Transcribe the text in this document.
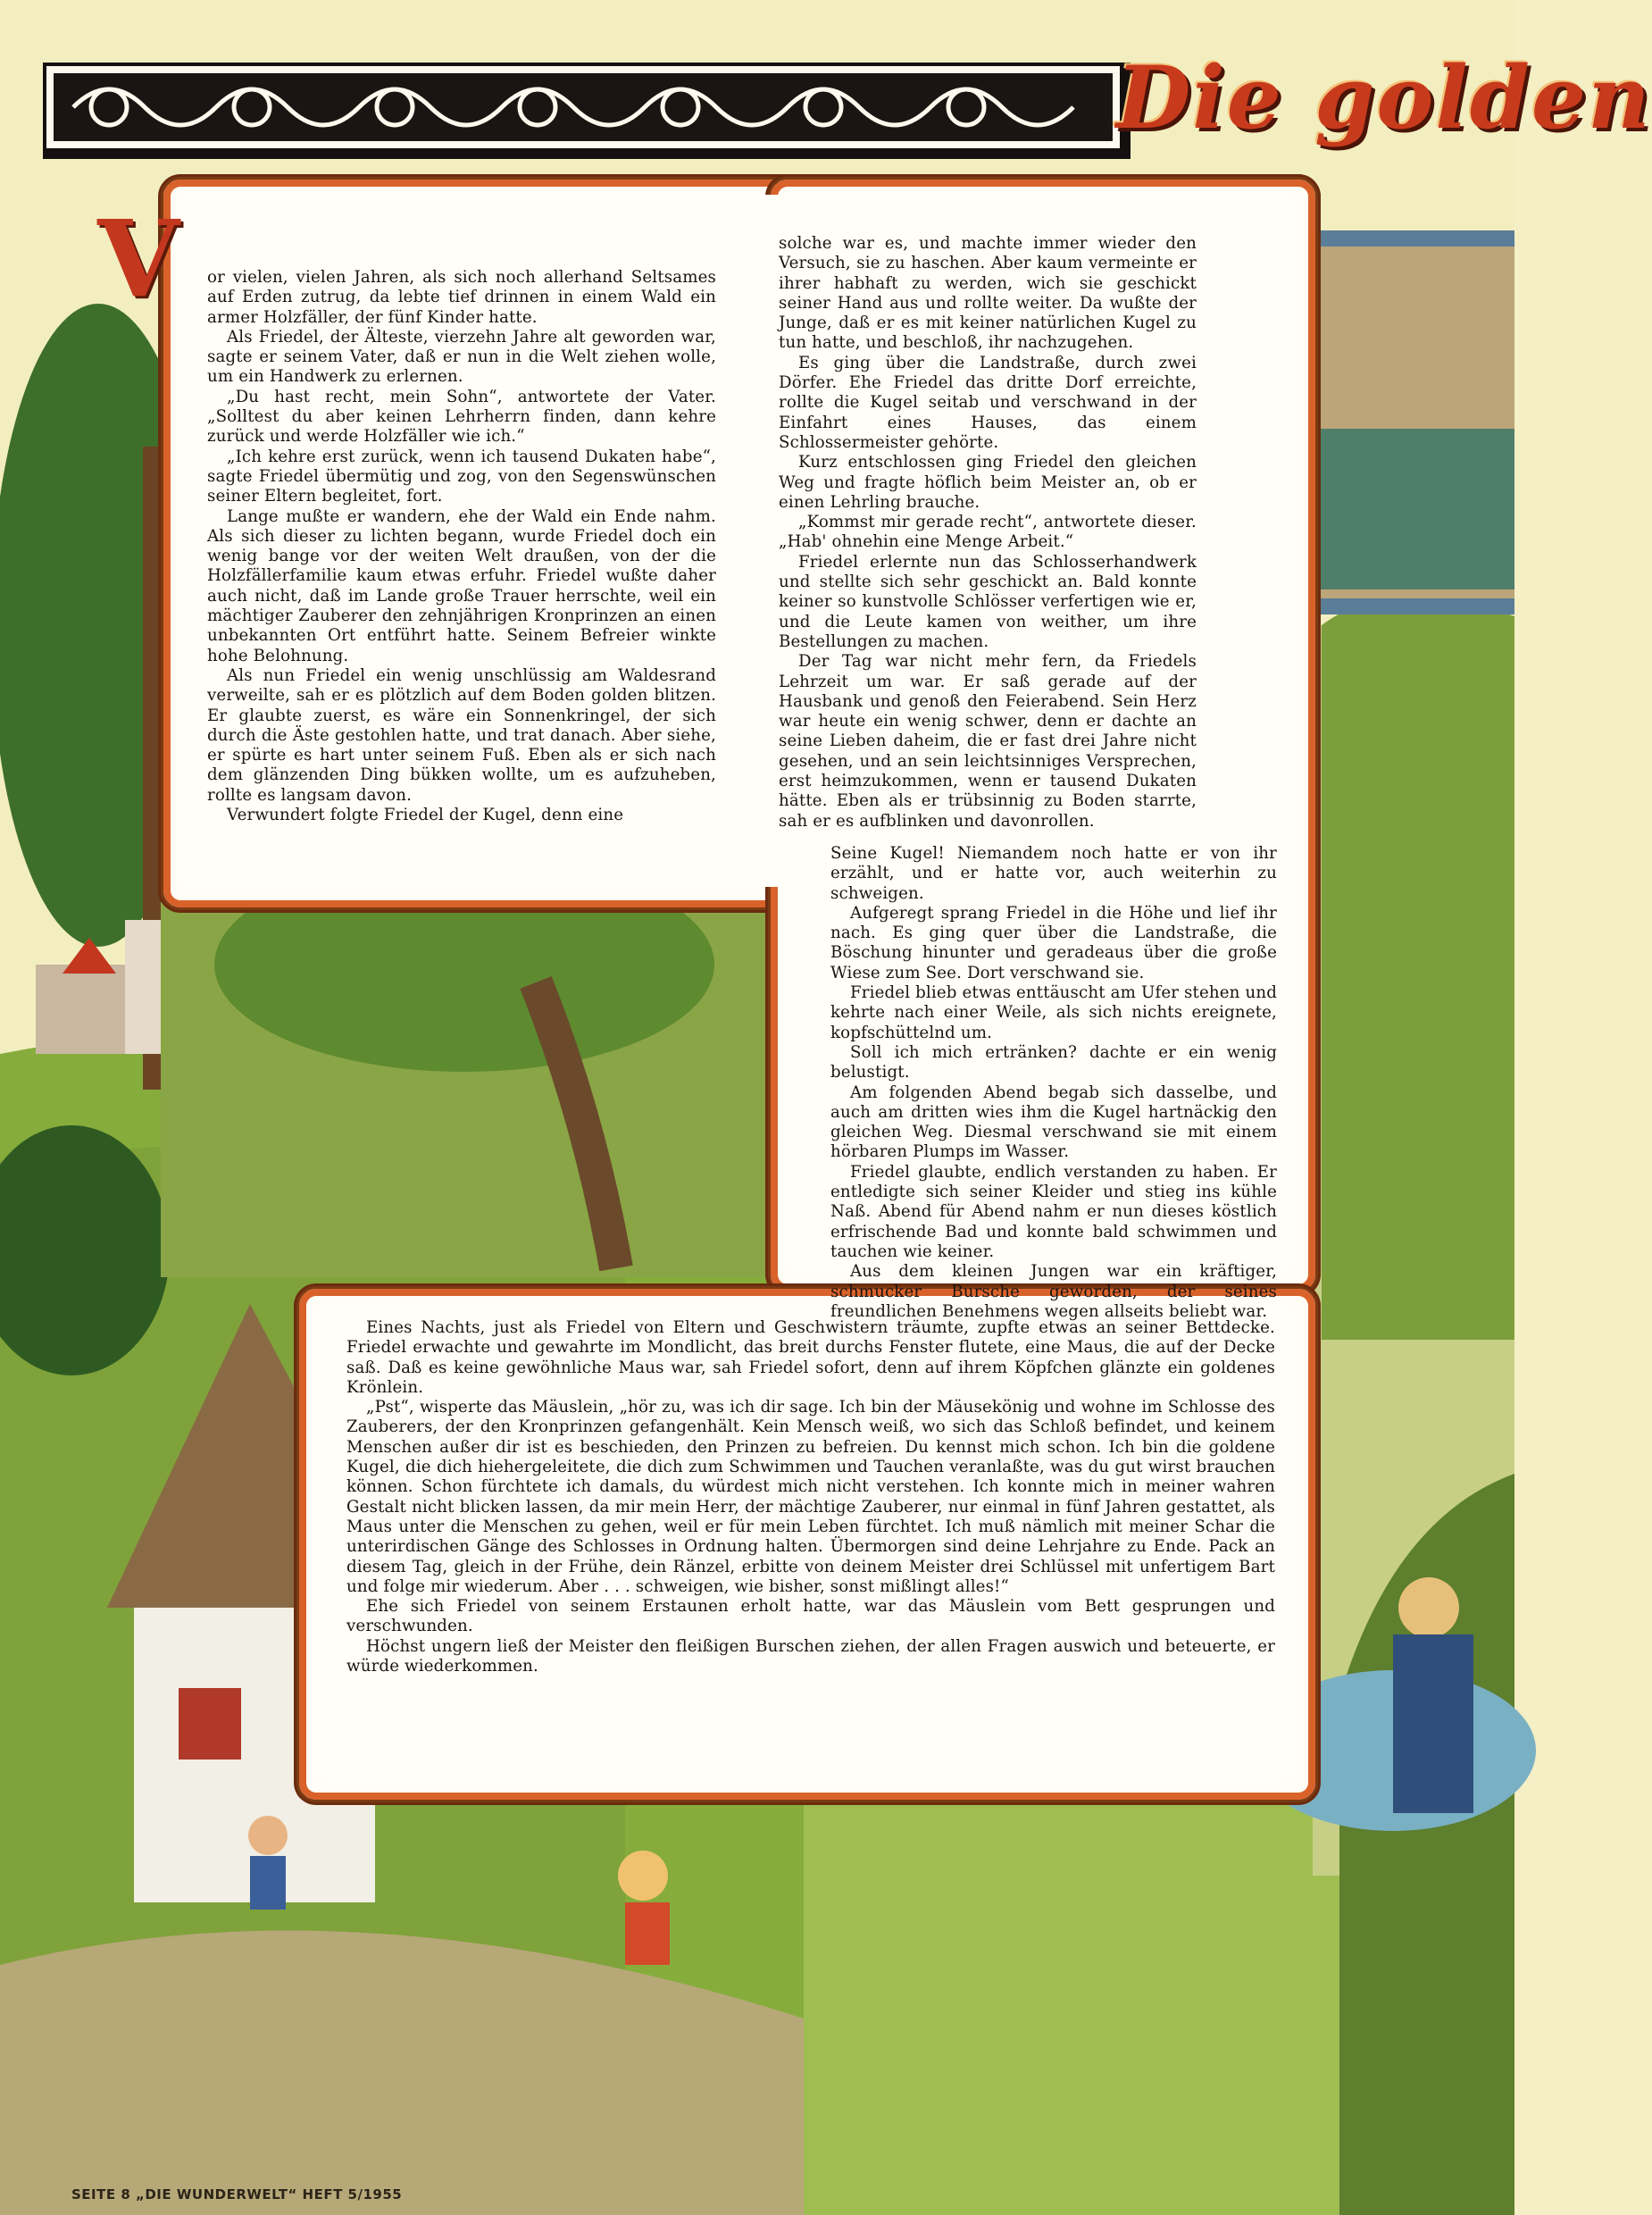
Die golden
V	or vielen, vielen Jahren, als sich noch allerhand Seltsames auf Erden zutrug, da lebte tief drinnen in einem Wald ein armer Holzfäller, der fünf Kinder hatte.

Als Friedel, der Älteste, vierzehn Jahre alt geworden war, sagte er seinem Vater, daß er nun in die Welt ziehen wolle, um ein Handwerk zu erlernen.

„Du hast recht, mein Sohn“, antwortete der Vater. „Solltest du aber keinen Lehrherrn finden, dann kehre zurück und werde Holzfäller wie ich.“

„Ich kehre erst zurück, wenn ich tausend Dukaten habe“, sagte Friedel übermütig und zog, von den Segenswünschen seiner Eltern begleitet, fort.

Lange mußte er wandern, ehe der Wald ein Ende nahm. Als sich dieser zu lichten begann, wurde Friedel doch ein wenig bange vor der weiten Welt draußen, von der die Holzfällerfamilie kaum etwas erfuhr. Friedel wußte daher auch nicht, daß im Lande große Trauer herrschte, weil ein mächtiger Zauberer den zehnjährigen Kronprinzen an einen unbekannten Ort entführt hatte. Seinem Befreier winkte hohe Belohnung.

Als nun Friedel ein wenig unschlüssig am Waldesrand verweilte, sah er es plötzlich auf dem Boden golden blitzen. Er glaubte zuerst, es wäre ein Sonnenkringel, der sich durch die Äste gestohlen hatte, und trat danach. Aber siehe, er spürte es hart unter seinem Fuß. Eben als er sich nach dem glänzenden Ding bükken wollte, um es aufzuheben, rollte es langsam davon.

Verwundert folgte Friedel der Kugel, denn eine

solche war es, und machte immer wieder den Versuch, sie zu haschen. Aber kaum vermeinte er ihrer habhaft zu werden, wich sie geschickt seiner Hand aus und rollte weiter. Da wußte der Junge, daß er es mit keiner natürlichen Kugel zu tun hatte, und beschloß, ihr nachzugehen.

Es ging über die Landstraße, durch zwei Dörfer. Ehe Friedel das dritte Dorf erreichte, rollte die Kugel seitab und verschwand in der Einfahrt eines Hauses, das einem Schlossermeister gehörte.

Kurz entschlossen ging Friedel den gleichen Weg und fragte höflich beim Meister an, ob er einen Lehrling brauche.

„Kommst mir gerade recht“, antwortete dieser. „Hab' ohnehin eine Menge Arbeit.“

Friedel erlernte nun das Schlosserhandwerk und stellte sich sehr geschickt an. Bald konnte keiner so kunstvolle Schlösser verfertigen wie er, und die Leute kamen von weither, um ihre Bestellungen zu machen.

Der Tag war nicht mehr fern, da Friedels Lehrzeit um war. Er saß gerade auf der Hausbank und genoß den Feierabend. Sein Herz war heute ein wenig schwer, denn er dachte an seine Lieben daheim, die er fast drei Jahre nicht gesehen, und an sein leichtsinniges Versprechen, erst heimzukommen, wenn er tausend Dukaten hätte. Eben als er trübsinnig zu Boden starrte, sah er es aufblinken und davonrollen.

Seine Kugel! Niemandem noch hatte er von ihr erzählt, und er hatte vor, auch weiterhin zu schweigen.

Aufgeregt sprang Friedel in die Höhe und lief ihr nach. Es ging quer über die Landstraße, die Böschung hinunter und geradeaus über die große Wiese zum See. Dort verschwand sie.

Friedel blieb etwas enttäuscht am Ufer stehen und kehrte nach einer Weile, als sich nichts ereignete, kopfschüttelnd um.

Soll ich mich ertränken? dachte er ein wenig belustigt.

Am folgenden Abend begab sich dasselbe, und auch am dritten wies ihm die Kugel hartnäckig den gleichen Weg. Diesmal verschwand sie mit einem hörbaren Plumps im Wasser.

Friedel glaubte, endlich verstanden zu haben. Er entledigte sich seiner Kleider und stieg ins kühle Naß. Abend für Abend nahm er nun dieses köstlich erfrischende Bad und konnte bald schwimmen und tauchen wie keiner.

Aus dem kleinen Jungen war ein kräftiger, schmucker Bursche geworden, der seines freundlichen Benehmens wegen allseits beliebt war.

Eines Nachts, just als Friedel von Eltern und Geschwistern träumte, zupfte etwas an seiner Bettdecke. Friedel erwachte und gewahrte im Mondlicht, das breit durchs Fenster flutete, eine Maus, die auf der Decke saß. Daß es keine gewöhnliche Maus war, sah Friedel sofort, denn auf ihrem Köpfchen glänzte ein goldenes Krönlein.

„Pst“, wisperte das Mäuslein, „hör zu, was ich dir sage. Ich bin der Mäusekönig und wohne im Schlosse des Zauberers, der den Kronprinzen gefangenhält. Kein Mensch weiß, wo sich das Schloß befindet, und keinem Menschen außer dir ist es beschieden, den Prinzen zu befreien. Du kennst mich schon. Ich bin die goldene Kugel, die dich hiehergeleitete, die dich zum Schwimmen und Tauchen veranlaßte, was du gut wirst brauchen können. Schon fürchtete ich damals, du würdest mich nicht verstehen. Ich konnte mich in meiner wahren Gestalt nicht blicken lassen, da mir mein Herr, der mächtige Zauberer, nur einmal in fünf Jahren gestattet, als Maus unter die Menschen zu gehen, weil er für mein Leben fürchtet. Ich muß nämlich mit meiner Schar die unterirdischen Gänge des Schlosses in Ordnung halten. Übermorgen sind deine Lehrjahre zu Ende. Pack an diesem Tag, gleich in der Frühe, dein Ränzel, erbitte von deinem Meister drei Schlüssel mit unfertigem Bart und folge mir wiederum. Aber . . . schweigen, wie bisher, sonst mißlingt alles!“

Ehe sich Friedel von seinem Erstaunen erholt hatte, war das Mäuslein vom Bett gesprungen und verschwunden.

Höchst ungern ließ der Meister den fleißigen Burschen ziehen, der allen Fragen auswich und beteuerte, er würde wiederkommen.

SEITE 8 „DIE WUNDERWELT“ HEFT 5/1955
